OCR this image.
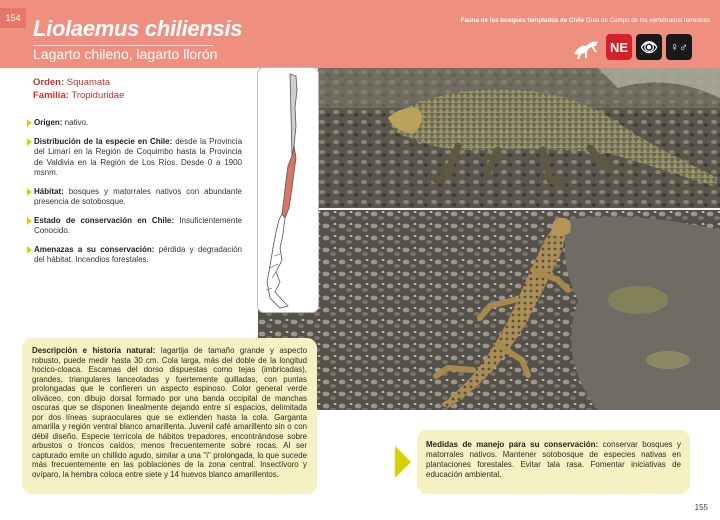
154 Liolaemus chiliensis
Lagarto chileno, lagarto llorón
Fauna de los bosques templados de Chile Guía de Campo de los vertebrados terrestres
NE 👁	♀♂
Orden: Squamata
Familia: Tropiduridae
Origen: nativo.
Distribución de la especie en Chile: desde la Provincia del Limarí en la Región de Coquimbo hasta la Provincia de Valdivia en la Región de Los Ríos. Desde 0 a 1900 msnm.
Hábitat: bosques y matorrales nativos con abundante presencia de sotobosque.
Estado de conservación en Chile: Insuficientemente Conocido.
Amenazas a su conservación: pérdida y degradación del hábitat. Incendios forestales.
Descripción e historia natural: lagartija de tamaño grande y aspecto robusto, puede medir hasta 30 cm. Cola larga, más del doble de la longitud hocico-cloaca. Escamas del dorso dispuestas como tejas (imbricadas), grandes, triangulares lanceoladas y fuertemente quilladas, con puntas prolongadas que le confieren un aspecto espinoso. Color general verde oliváceo, con dibujo dorsal formado por una banda occipital de manchas oscuras que se disponen linealmente dejando entre sí espacios, delimitada por dos líneas supraoculares que se extienden hasta la cola. Garganta amarilla y región ventral blanco amarillenta. Juvenil café amarillento sin o con débil diseño. Especie terrícola de hábitos trepadores, encontrándose sobre arbustos o troncos caídos, menos frecuentemente sobre rocas. Al ser capturado emite un chillido agudo, similar a una "i" prolongada, lo que sucede más frecuentemente en las poblaciones de la zona central. Insectívoro y ovíparo, la hembra coloca entre siete y 14 huevos blanco amarillentos.
Medidas de manejo para su conservación: conservar bosques y matorrales nativos. Mantener sotobosque de especies nativas en plantaciones forestales. Evitar tala rasa. Fomentar iniciativas de educación ambiental.
155
